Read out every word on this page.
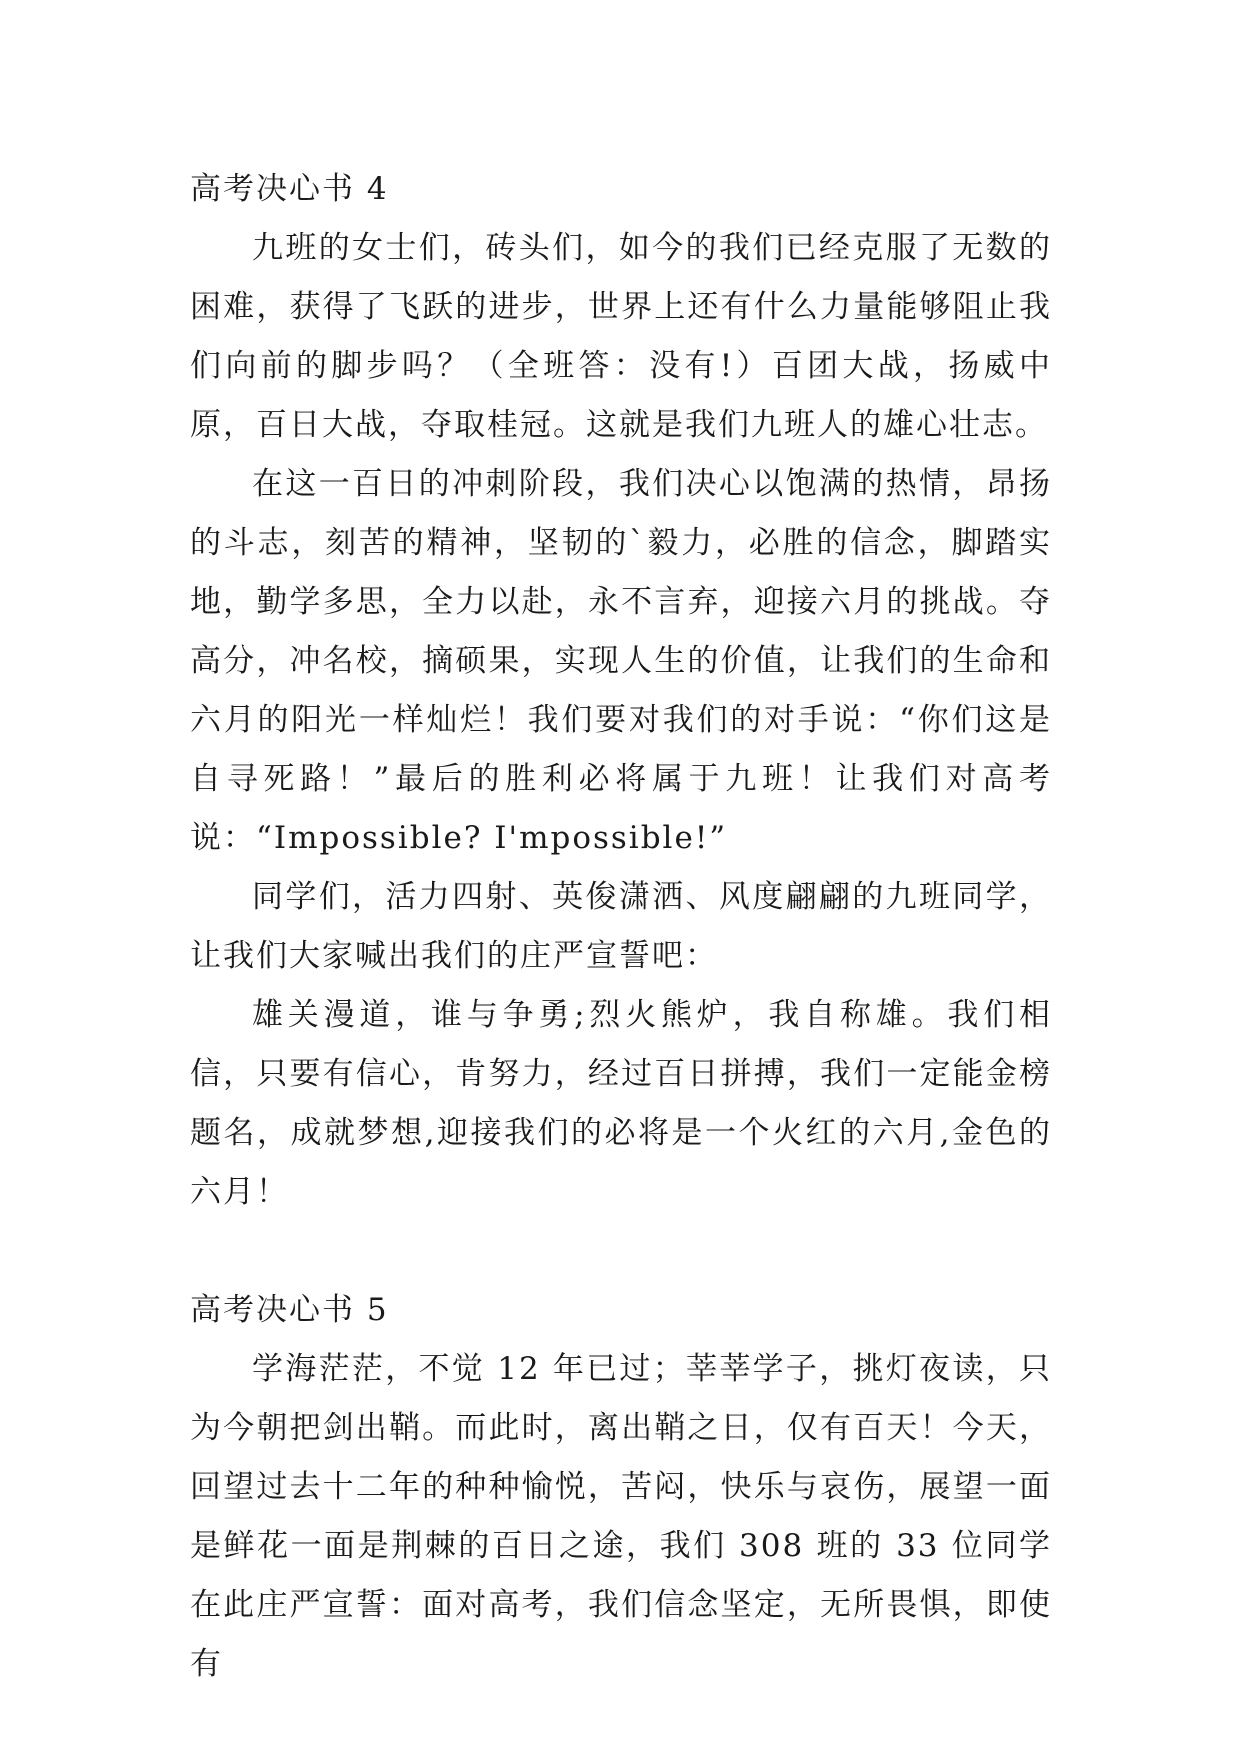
高考决心书 4

九班的女士们，砖头们，如今的我们已经克服了无数的困难，获得了飞跃的进步，世界上还有什么力量能够阻止我们向前的脚步吗？（全班答：没有!）百团大战，扬威中原，百日大战，夺取桂冠。这就是我们九班人的雄心壮志。

在这一百日的冲刺阶段，我们决心以饱满的热情，昂扬的斗志，刻苦的精神，坚韧的`毅力，必胜的信念，脚踏实地，勤学多思，全力以赴，永不言弃，迎接六月的挑战。夺高分，冲名校，摘硕果，实现人生的价值，让我们的生命和六月的阳光一样灿烂！我们要对我们的对手说：“你们这是自寻死路！”最后的胜利必将属于九班！让我们对高考说：“Impossible? I'mpossible!”

同学们，活力四射、英俊潇洒、风度翩翩的九班同学，让我们大家喊出我们的庄严宣誓吧：

雄关漫道，谁与争勇;烈火熊炉，我自称雄。我们相信，只要有信心，肯努力，经过百日拼搏，我们一定能金榜题名，成就梦想,迎接我们的必将是一个火红的六月,金色的六月！

高考决心书 5

学海茫茫，不觉 12 年已过；莘莘学子，挑灯夜读，只为今朝把剑出鞘。而此时，离出鞘之日，仅有百天！今天，回望过去十二年的种种愉悦，苦闷，快乐与哀伤，展望一面是鲜花一面是荆棘的百日之途，我们 308 班的 33 位同学在此庄严宣誓：面对高考，我们信念坚定，无所畏惧，即使有
